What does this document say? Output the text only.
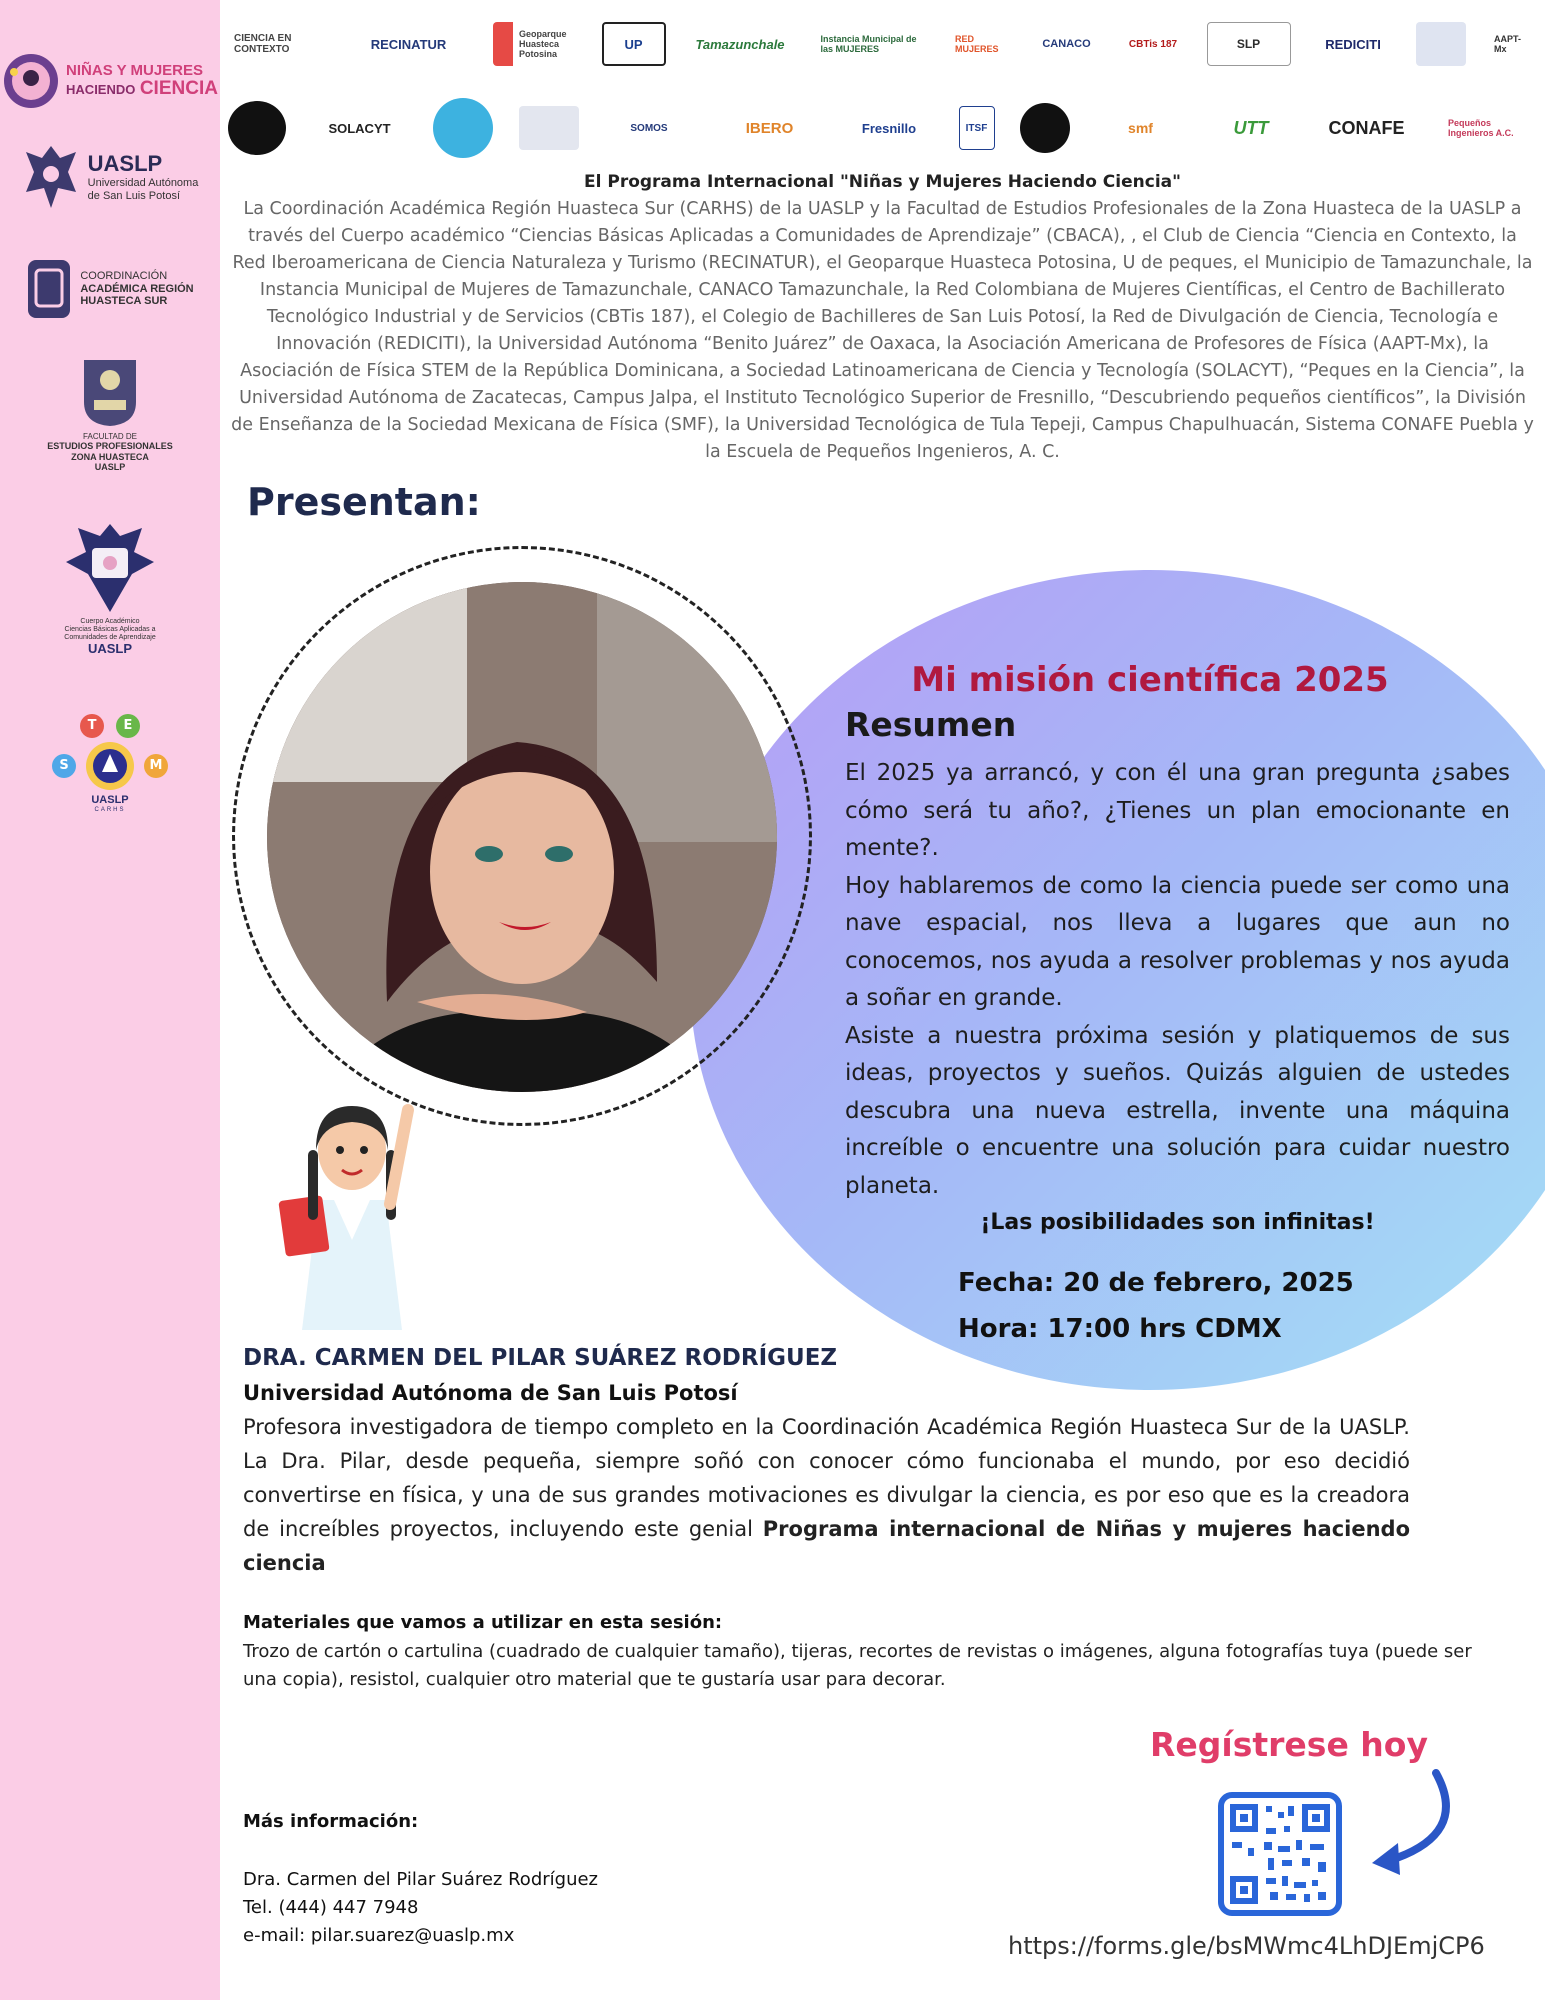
NIÑAS Y MUJERES
HACIENDO CIENCIA
UASLP
Universidad Autónoma
de San Luis Potosí
COORDINACIÓN
ACADÉMICA REGIÓN
HUASTECA SUR
FACULTAD DE
ESTUDIOS PROFESIONALES
ZONA HUASTECA
UASLP
Cuerpo Académico
Ciencias Básicas Aplicadas a
Comunidades de Aprendizaje
UASLP
S
T	E
M
UASLP
CARHS
CIENCIA EN CONTEXTO	RECINATUR
Geoparque Huasteca Potosina
UP	Tamazunchale	Instancia Municipal de las MUJERES
RED MUJERES	CANACO	CBTis 187	SLP	REDICITI	AAPT-Mx
SOLACYT	SOMOS	IBERO	Fresnillo	ITSF	smf	UTT	CONAFE	Pequeños Ingenieros A.C.
El Programa Internacional "Niñas y Mujeres Haciendo Ciencia"
La Coordinación Académica Región Huasteca Sur (CARHS) de la UASLP y la Facultad de Estudios Profesionales de la Zona Huasteca de la UASLP a través del Cuerpo académico “Ciencias Básicas Aplicadas a Comunidades de Aprendizaje” (CBACA), , el Club de Ciencia “Ciencia en Contexto, la Red Iberoamericana de Ciencia Naturaleza y Turismo (RECINATUR), el Geoparque Huasteca Potosina, U de peques, el Municipio de Tamazunchale, la Instancia Municipal de Mujeres de Tamazunchale, CANACO Tamazunchale, la Red Colombiana de Mujeres Científicas, el Centro de Bachillerato Tecnológico Industrial y de Servicios (CBTis 187), el Colegio de Bachilleres de San Luis Potosí, la Red de Divulgación de Ciencia, Tecnología e Innovación (REDICITI), la Universidad Autónoma “Benito Juárez” de Oaxaca, la Asociación Americana de Profesores de Física (AAPT-Mx), la Asociación de Física STEM de la República Dominicana, a Sociedad Latinoamericana de Ciencia y Tecnología (SOLACYT), “Peques en la Ciencia”, la Universidad Autónoma de Zacatecas, Campus Jalpa, el Instituto Tecnológico Superior de Fresnillo, “Descubriendo pequeños científicos”, la División de Enseñanza de la Sociedad Mexicana de Física (SMF), la Universidad Tecnológica de Tula Tepeji, Campus Chapulhuacán, Sistema CONAFE Puebla y la Escuela de Pequeños Ingenieros, A. C.
Presentan:
Mi misión científica 2025
Resumen

El 2025 ya arrancó, y con él una gran pregunta ¿sabes cómo será tu año?, ¿Tienes un plan emocionante en mente?.

Hoy hablaremos de como la ciencia puede ser como una nave espacial, nos lleva a lugares que aun no conocemos, nos ayuda a resolver problemas y nos ayuda a soñar en grande.

Asiste a nuestra próxima sesión y platiquemos de sus ideas, proyectos y sueños. Quizás alguien de ustedes descubra una nueva estrella, invente una máquina increíble o encuentre una solución para cuidar nuestro planeta.

¡Las posibilidades son infinitas!
Fecha: 20 de febrero, 2025
Hora: 17:00 hrs CDMX
DRA. CARMEN DEL PILAR SUÁREZ RODRÍGUEZ
Universidad Autónoma de San Luis Potosí
Profesora investigadora de tiempo completo en la Coordinación Académica Región Huasteca Sur de la UASLP. La Dra. Pilar, desde pequeña, siempre soñó con conocer cómo funcionaba el mundo, por eso decidió convertirse en física, y una de sus grandes motivaciones es divulgar la ciencia, es por eso que es la creadora de increíbles proyectos, incluyendo este genial Programa internacional de Niñas y mujeres haciendo ciencia
Materiales que vamos a utilizar en esta sesión:
Trozo de cartón o cartulina (cuadrado de cualquier tamaño), tijeras, recortes de revistas o imágenes, alguna fotografías tuya (puede ser una copia), resistol, cualquier otro material que te gustaría usar para decorar.
Más información:
Dra. Carmen del Pilar Suárez Rodríguez
Tel. (444) 447 7948
e-mail: pilar.suarez@uaslp.mx
Regístrese hoy
https://forms.gle/bsMWmc4LhDJEmjCP6
